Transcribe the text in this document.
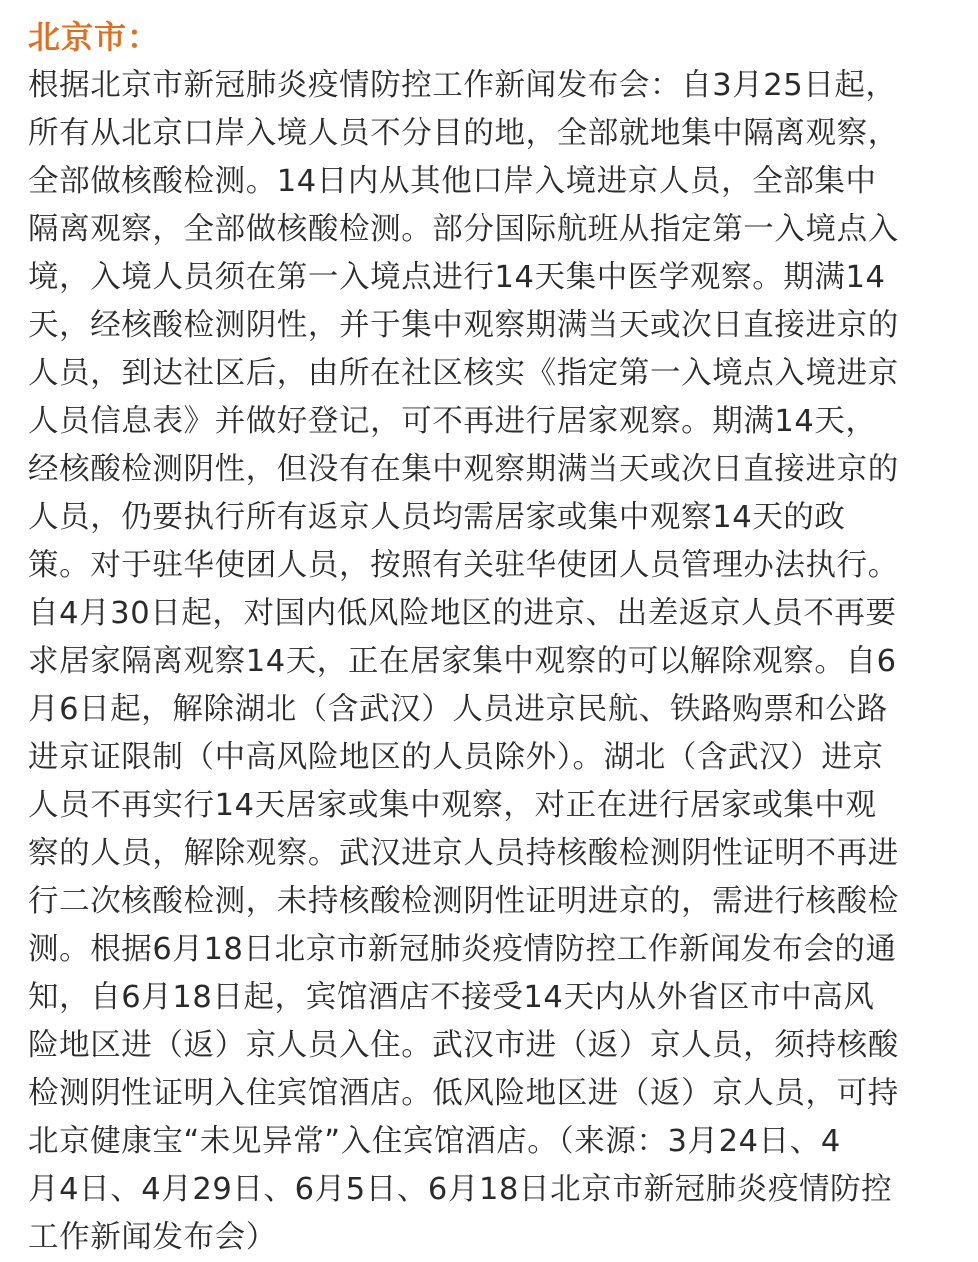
北京市：

根据北京市新冠肺炎疫情防控工作新闻发布会：自3月25日起，

所有从北京口岸入境人员不分目的地，全部就地集中隔离观察，

全部做核酸检测。14日内从其他口岸入境进京人员，全部集中

隔离观察，全部做核酸检测。部分国际航班从指定第一入境点入

境，入境人员须在第一入境点进行14天集中医学观察。期满14

天，经核酸检测阴性，并于集中观察期满当天或次日直接进京的

人员，到达社区后，由所在社区核实《指定第一入境点入境进京

人员信息表》并做好登记，可不再进行居家观察。期满14天，

经核酸检测阴性，但没有在集中观察期满当天或次日直接进京的

人员，仍要执行所有返京人员均需居家或集中观察14天的政

策。对于驻华使团人员，按照有关驻华使团人员管理办法执行。

自4月30日起，对国内低风险地区的进京、出差返京人员不再要

求居家隔离观察14天，正在居家集中观察的可以解除观察。自6

月6日起，解除湖北（含武汉）人员进京民航、铁路购票和公路

进京证限制（中高风险地区的人员除外）。湖北（含武汉）进京

人员不再实行14天居家或集中观察，对正在进行居家或集中观

察的人员，解除观察。武汉进京人员持核酸检测阴性证明不再进

行二次核酸检测，未持核酸检测阴性证明进京的，需进行核酸检

测。根据6月18日北京市新冠肺炎疫情防控工作新闻发布会的通

知，自6月18日起，宾馆酒店不接受14天内从外省区市中高风

险地区进（返）京人员入住。武汉市进（返）京人员，须持核酸

检测阴性证明入住宾馆酒店。低风险地区进（返）京人员，可持

北京健康宝“未见异常”入住宾馆酒店。（来源：3月24日、4

月4日、4月29日、6月5日、6月18日北京市新冠肺炎疫情防控

工作新闻发布会）
